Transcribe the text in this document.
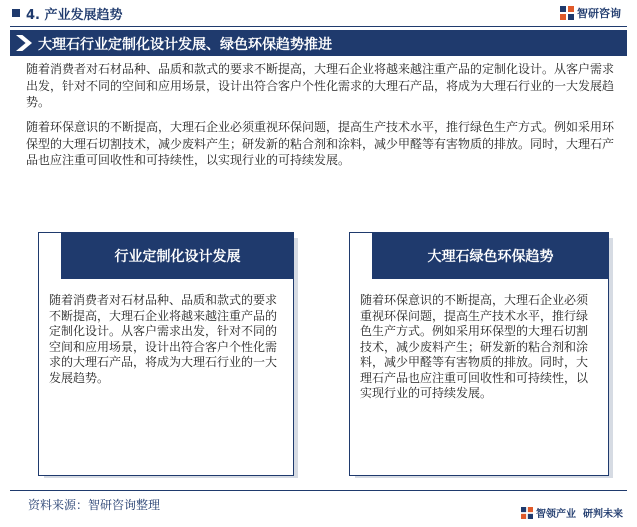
4. 产业发展趋势	智研咨询
大理石行业定制化设计发展、绿色环保趋势推进
随着消费者对石材品种、品质和款式的要求不断提高，大理石企业将越来越注重产品的定制化设计。从客户需求出发，针对不同的空间和应用场景，设计出符合客户个性化需求的大理石产品，将成为大理石行业的一大发展趋势。
随着环保意识的不断提高，大理石企业必须重视环保问题，提高生产技术水平，推行绿色生产方式。例如采用环保型的大理石切割技术，减少废料产生；研发新的粘合剂和涂料，减少甲醛等有害物质的排放。同时，大理石产品也应注重可回收性和可持续性，以实现行业的可持续发展。
行业定制化设计发展
随着消费者对石材品种、品质和款式的要求不断提高，大理石企业将越来越注重产品的定制化设计。从客户需求出发，针对不同的空间和应用场景，设计出符合客户个性化需求的大理石产品，将成为大理石行业的一大发展趋势。
大理石绿色环保趋势
随着环保意识的不断提高，大理石企业必须重视环保问题，提高生产技术水平，推行绿色生产方式。例如采用环保型的大理石切割技术，减少废料产生；研发新的粘合剂和涂料，减少甲醛等有害物质的排放。同时，大理石产品也应注重可回收性和可持续性，以实现行业的可持续发展。
资料来源：智研咨询整理
智领产业 研判未来
